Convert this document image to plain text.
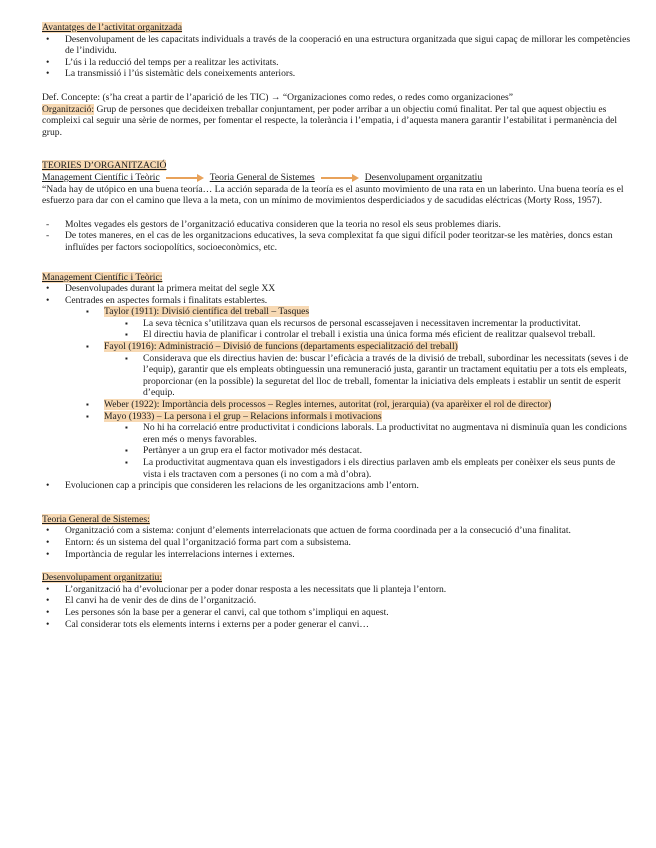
Avantatges de l’activitat organitzada

• Desenvolupament de les capacitats individuals a través de la cooperació en una estructura organitzada que sigui capaç de millorar les competències de l’individu.
• L’ús i la reducció del temps per a realitzar les activitats.
• La transmissió i l’ús sistemàtic dels coneixements anteriors.

Def. Concepte: (s’ha creat a partir de l’aparició de les TIC) → “Organizaciones como redes, o redes como organizaciones”

Organització: Grup de persones que decideixen treballar conjuntament, per poder arribar a un objectiu comú finalitat. Per tal que aquest objectiu es compleixi cal seguir una sèrie de normes, per fomentar el respecte, la tolerància i l’empatia, i d’aquesta manera garantir l’estabilitat i permanència del grup.

TEORIES D’ORGANITZACIÓ

Management Científic i Teòric	Teoria General de Sistemes	Desenvolupament organitzatiu

“Nada hay de utópico en una buena teoría… La acción separada de la teoría es el asunto movimiento de una rata en un laberinto. Una buena teoría es el esfuerzo para dar con el camino que lleva a la meta, con un mínimo de movimientos desperdiciados y de sacudidas eléctricas (Morty Ross, 1957).

- Moltes vegades els gestors de l’organització educativa consideren que la teoria no resol els seus problemes diaris.
- De totes maneres, en el cas de les organitzacions educatives, la seva complexitat fa que sigui difícil poder teoritzar-se les matèries, doncs estan influïdes per factors sociopolítics, socioeconòmics, etc.

Management Científic i Teòric:

• Desenvolupades durant la primera meitat del segle XX
• Centrades en aspectes formals i finalitats establertes.
▪ Taylor (1911): Divisió científica del treball – Tasques
▪ La seva tècnica s’utilitzava quan els recursos de personal escassejaven i necessitaven incrementar la productivitat.
▪ El directiu havia de planificar i controlar el treball i existia una única forma més eficient de realitzar qualsevol treball.
▪ Fayol (1916): Administració – Divisió de funcions (departaments especialització del treball)
▪ Considerava que els directius havien de: buscar l’eficàcia a través de la divisió de treball, subordinar les necessitats (seves i de l’equip), garantir que els empleats obtinguessin una remuneració justa, garantir un tractament equitatiu per a tots els empleats, proporcionar (en la possible) la seguretat del lloc de treball, fomentar la iniciativa dels empleats i establir un sentit de esperit d’equip.
▪ Weber (1922): Importància dels processos – Regles internes, autoritat (rol, jerarquia) (va aparèixer el rol de director)
▪ Mayo (1933) – La persona i el grup – Relacions informals i motivacions
▪ No hi ha correlació entre productivitat i condicions laborals. La productivitat no augmentava ni disminuïa quan les condicions eren més o menys favorables.
▪ Pertànyer a un grup era el factor motivador més destacat.
▪ La productivitat augmentava quan els investigadors i els directius parlaven amb els empleats per conèixer els seus punts de vista i els tractaven com a persones (i no com a mà d’obra).
• Evolucionen cap a principis que consideren les relacions de les organitzacions amb l’entorn.

Teoria General de Sistemes:

• Organització com a sistema: conjunt d’elements interrelacionats que actuen de forma coordinada per a la consecució d’una finalitat.
• Entorn: és un sistema del qual l’organització forma part com a subsistema.
• Importància de regular les interrelacions internes i externes.

Desenvolupament organitzatiu:

• L’organització ha d’evolucionar per a poder donar resposta a les necessitats que li planteja l’entorn.
• El canvi ha de venir des de dins de l’organització.
• Les persones són la base per a generar el canvi, cal que tothom s’impliqui en aquest.
• Cal considerar tots els elements interns i externs per a poder generar el canvi…
